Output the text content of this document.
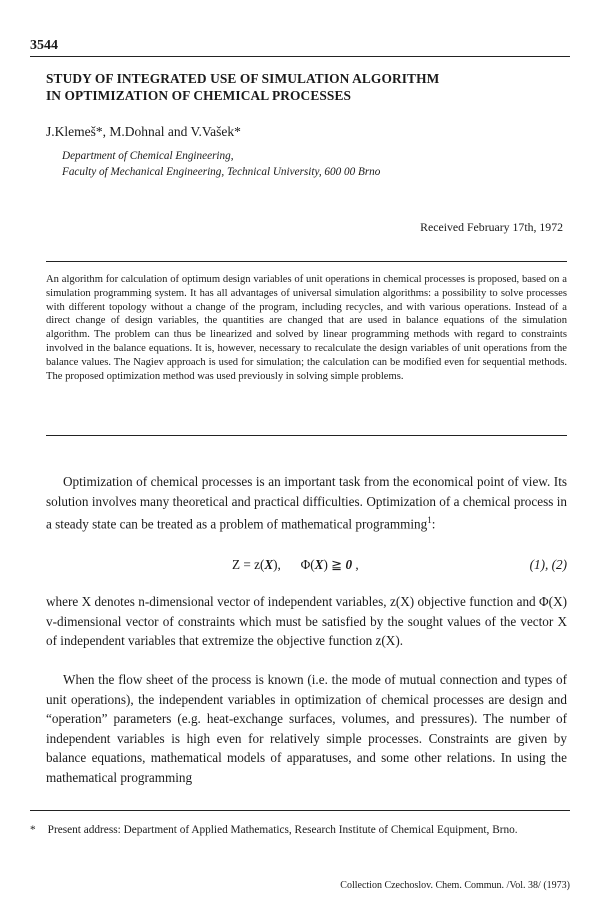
3544
STUDY OF INTEGRATED USE OF SIMULATION ALGORITHM
IN OPTIMIZATION OF CHEMICAL PROCESSES

J.Klemeš*, M.Dohnal and V.Vašek*

Department of Chemical Engineering,

Faculty of Mechanical Engineering, Technical University, 600 00 Brno

Received February 17th, 1972

An algorithm for calculation of optimum design variables of unit operations in chemical processes is proposed, based on a simulation programming system. It has all advantages of universal simulation algorithms: a possibility to solve processes with different topology without a change of the program, including recycles, and with various operations. Instead of a direct change of design variables, the quantities are changed that are used in balance equations of the simulation algorithm. The problem can thus be linearized and solved by linear programming methods with regard to constraints involved in the balance equations. It is, however, necessary to recalculate the design variables of unit operations from the balance values. The Nagiev approach is used for simulation; the calculation can be modified even for sequential methods. The proposed optimization method was used previously in solving simple problems.

Optimization of chemical processes is an important task from the economical point of view. Its solution involves many theoretical and practical difficulties. Optimization of a chemical process in a steady state can be treated as a problem of mathematical programming$^1$:

Z = z(X),      Φ(X) ≧ 0 ,	(1), (2)

where X denotes n-dimensional vector of independent variables, z(X) objective function and Φ(X) v-dimensional vector of constraints which must be satisfied by the sought values of the vector X of independent variables that extremize the objective function z(X).

When the flow sheet of the process is known (i.e. the mode of mutual connection and types of unit operations), the independent variables in optimization of chemical processes are design and “operation” parameters (e.g. heat-exchange surfaces, volumes, and pressures). The number of independent variables is high even for relatively simple processes. Constraints are given by balance equations, mathematical models of apparatuses, and some other relations. In using the mathematical programming

* Present address: Department of Applied Mathematics, Research Institute of Chemical Equipment, Brno.

Collection Czechoslov. Chem. Commun. /Vol. 38/ (1973)
